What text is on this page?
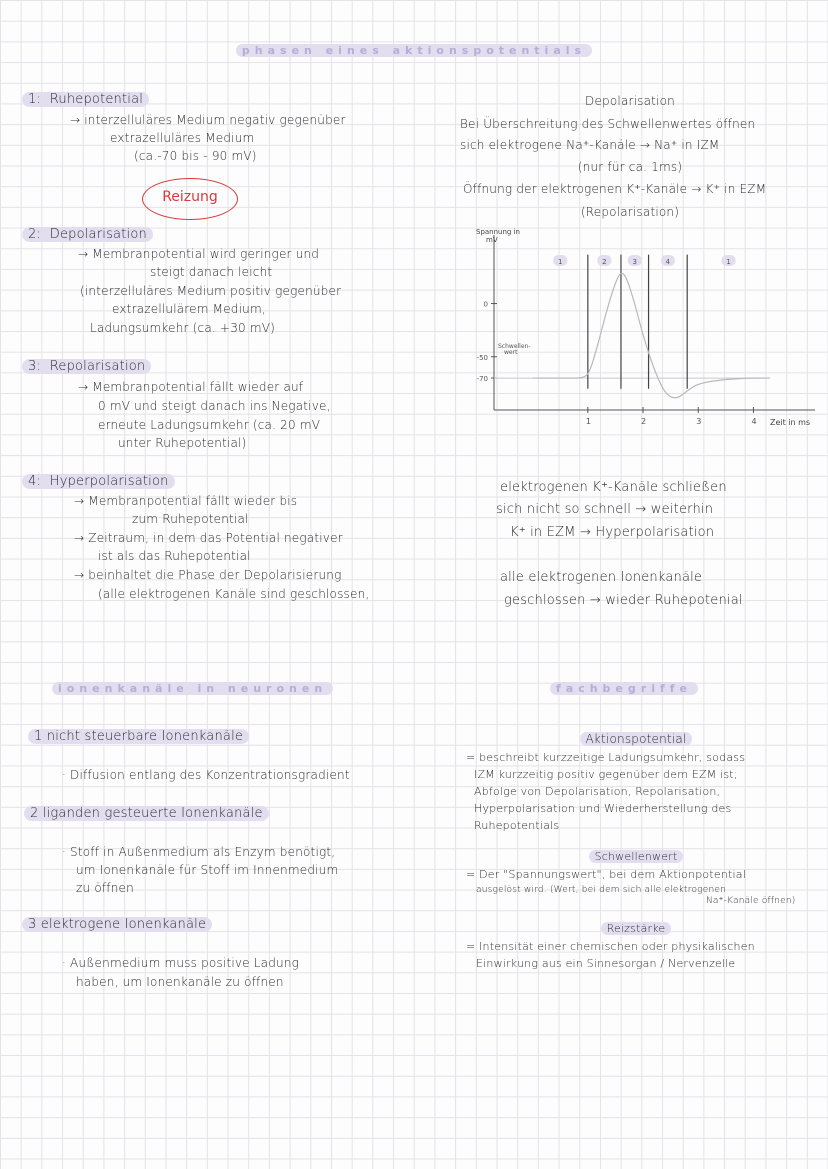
phasen eines aktionspotentials
1: Ruhepotential
→ interzelluläres Medium negativ gegenüber
extrazelluläres Medium
(ca.-70 bis - 90 mV)
Reizung
2: Depolarisation
→ Membranpotential wird geringer und
steigt danach leicht
(interzelluläres Medium positiv gegenüber
extrazellulärem Medium,
Ladungsumkehr (ca. +30 mV)
3: Repolarisation
→ Membranpotential fällt wieder auf
0 mV und steigt danach ins Negative,
erneute Ladungsumkehr (ca. 20 mV
unter Ruhepotential)
4: Hyperpolarisation
→ Membranpotential fällt wieder bis
zum Ruhepotential
→ Zeitraum, in dem das Potential negativer
ist als das Ruhepotential
→ beinhaltet die Phase der Depolarisierung
(alle elektrogenen Kanäle sind geschlossen,
Depolarisation
Bei Überschreitung des Schwellenwertes öffnen
sich elektrogene Na⁺-Kanäle → Na⁺ in IZM
(nur für ca. 1ms)
Öffnung der elektrogenen K⁺-Kanäle → K⁺ in EZM
(Repolarisation)
Spannung in
mV
Zeit in ms
1	2	3	4
0
-50
-70
Schwellen-
wert
1	2	3	4	1
elektrogenen K⁺-Kanäle schließen
sich nicht so schnell → weiterhin
K⁺ in EZM → Hyperpolarisation
alle elektrogenen Ionenkanäle
geschlossen → wieder Ruhepotenial
ionenkanäle in neuronen
1 nicht steuerbare Ionenkanäle
· Diffusion entlang des Konzentrationsgradient
2 liganden gesteuerte Ionenkanäle
· Stoff in Außenmedium als Enzym benötigt,
um Ionenkanäle für Stoff im Innenmedium
zu öffnen
3 elektrogene Ionenkanäle
· Außenmedium muss positive Ladung
haben, um Ionenkanäle zu öffnen
fachbegriffe
Aktionspotential
= beschreibt kurzzeitige Ladungsumkehr, sodass
IZM kurzzeitig positiv gegenüber dem EZM ist;
Abfolge von Depolarisation, Repolarisation,
Hyperpolarisation und Wiederherstellung des
Ruhepotentials
Schwellenwert
= Der "Spannungswert", bei dem Aktionpotential
ausgelöst wird. (Wert, bei dem sich alle elektrogenen
Na⁺-Kanäle öffnen)
Reizstärke
= Intensität einer chemischen oder physikalischen
Einwirkung aus ein Sinnesorgan / Nervenzelle
